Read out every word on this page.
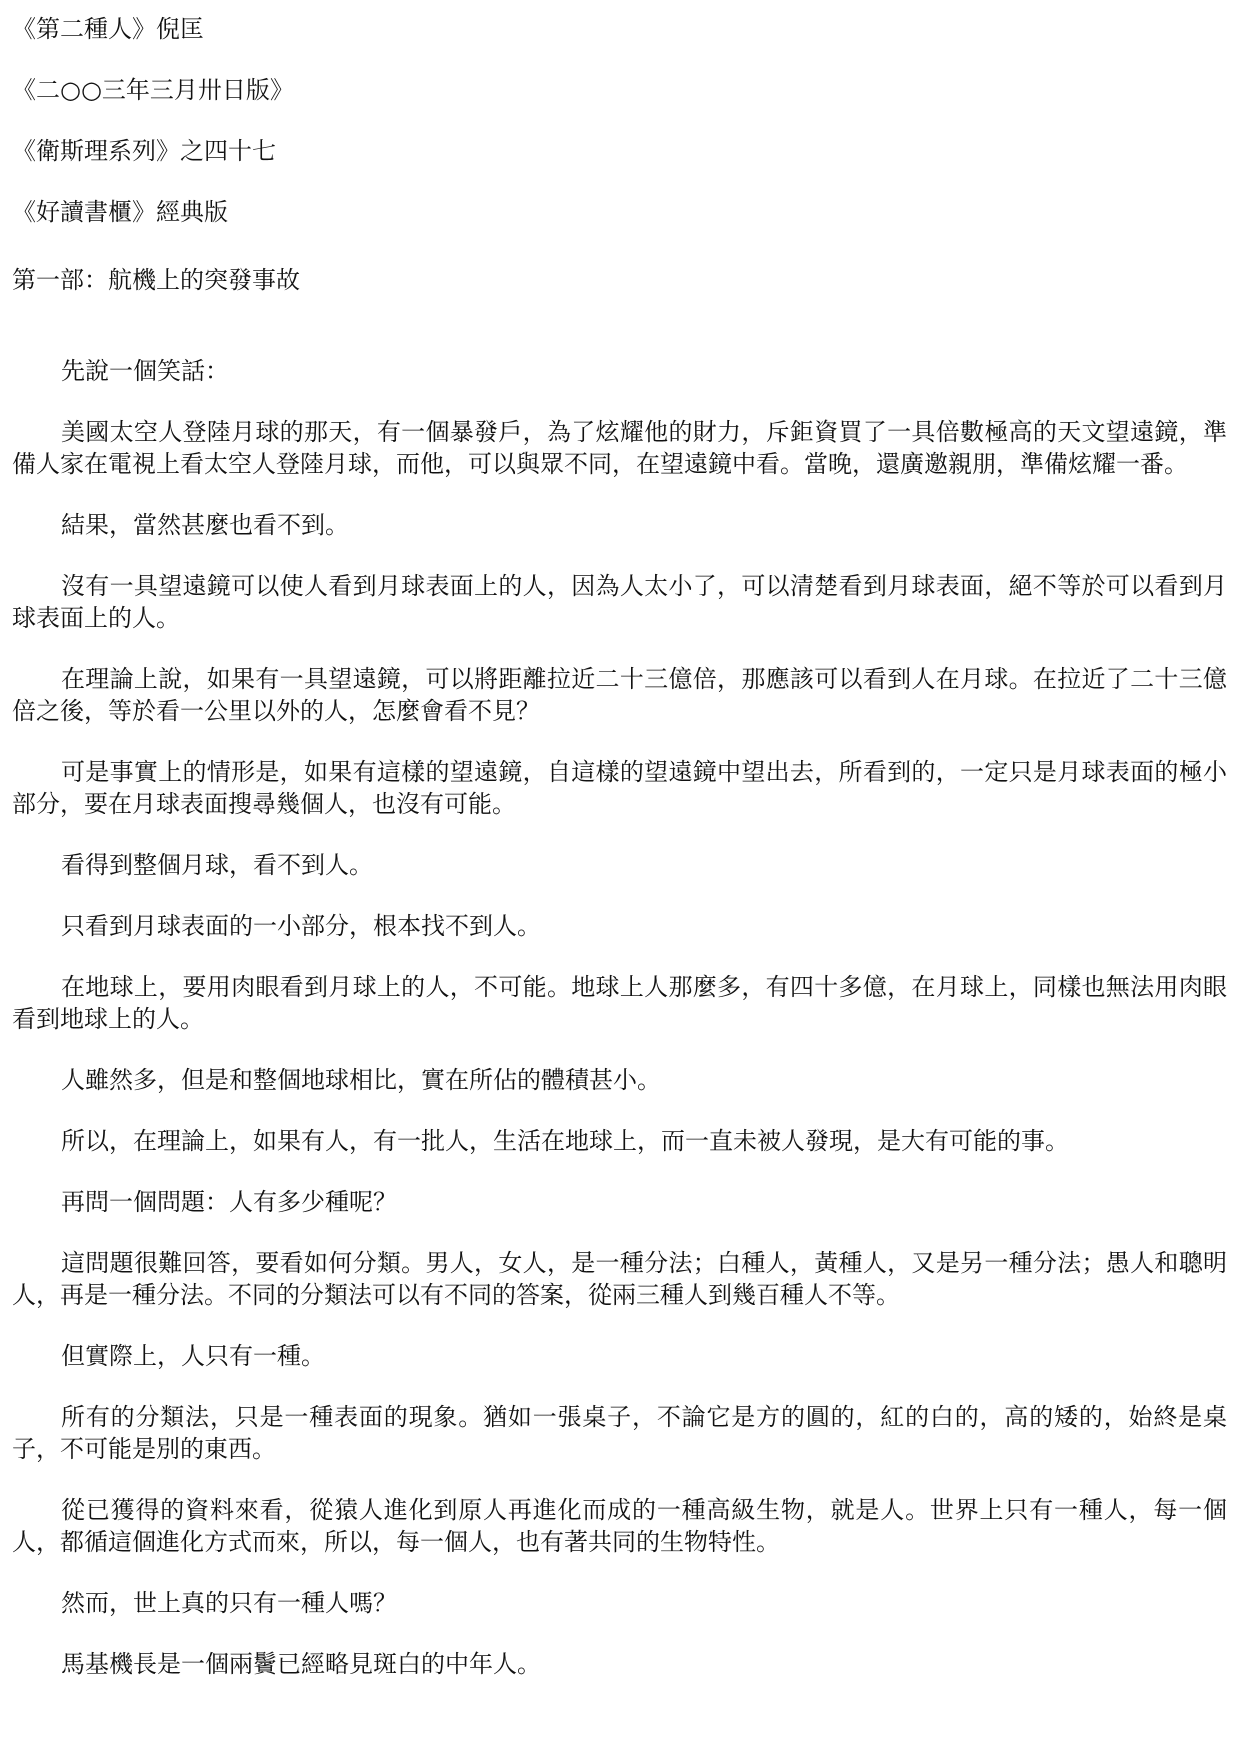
《第二種人》倪匡
《二○○三年三月卅日版》
《衛斯理系列》之四十七
《好讀書櫃》經典版
第一部：航機上的突發事故

先說一個笑話：

美國太空人登陸月球的那天，有一個暴發戶，為了炫耀他的財力，斥鉅資買了一具倍數極高的天文望遠鏡，準備人家在電視上看太空人登陸月球，而他，可以與眾不同，在望遠鏡中看。當晚，還廣邀親朋，準備炫耀一番。

結果，當然甚麼也看不到。

沒有一具望遠鏡可以使人看到月球表面上的人，因為人太小了，可以清楚看到月球表面，絕不等於可以看到月球表面上的人。

在理論上說，如果有一具望遠鏡，可以將距離拉近二十三億倍，那應該可以看到人在月球。在拉近了二十三億倍之後，等於看一公里以外的人，怎麼會看不見？

可是事實上的情形是，如果有這樣的望遠鏡，自這樣的望遠鏡中望出去，所看到的，一定只是月球表面的極小部分，要在月球表面搜尋幾個人，也沒有可能。

看得到整個月球，看不到人。

只看到月球表面的一小部分，根本找不到人。

在地球上，要用肉眼看到月球上的人，不可能。地球上人那麼多，有四十多億，在月球上，同樣也無法用肉眼看到地球上的人。

人雖然多，但是和整個地球相比，實在所佔的體積甚小。

所以，在理論上，如果有人，有一批人，生活在地球上，而一直未被人發現，是大有可能的事。

再問一個問題：人有多少種呢？

這問題很難回答，要看如何分類。男人，女人，是一種分法；白種人，黃種人，又是另一種分法；愚人和聰明人，再是一種分法。不同的分類法可以有不同的答案，從兩三種人到幾百種人不等。

但實際上，人只有一種。

所有的分類法，只是一種表面的現象。猶如一張桌子，不論它是方的圓的，紅的白的，高的矮的，始終是桌子，不可能是別的東西。

從已獲得的資料來看，從猿人進化到原人再進化而成的一種高級生物，就是人。世界上只有一種人，每一個人，都循這個進化方式而來，所以，每一個人，也有著共同的生物特性。

然而，世上真的只有一種人嗎？

馬基機長是一個兩鬢已經略見斑白的中年人。
